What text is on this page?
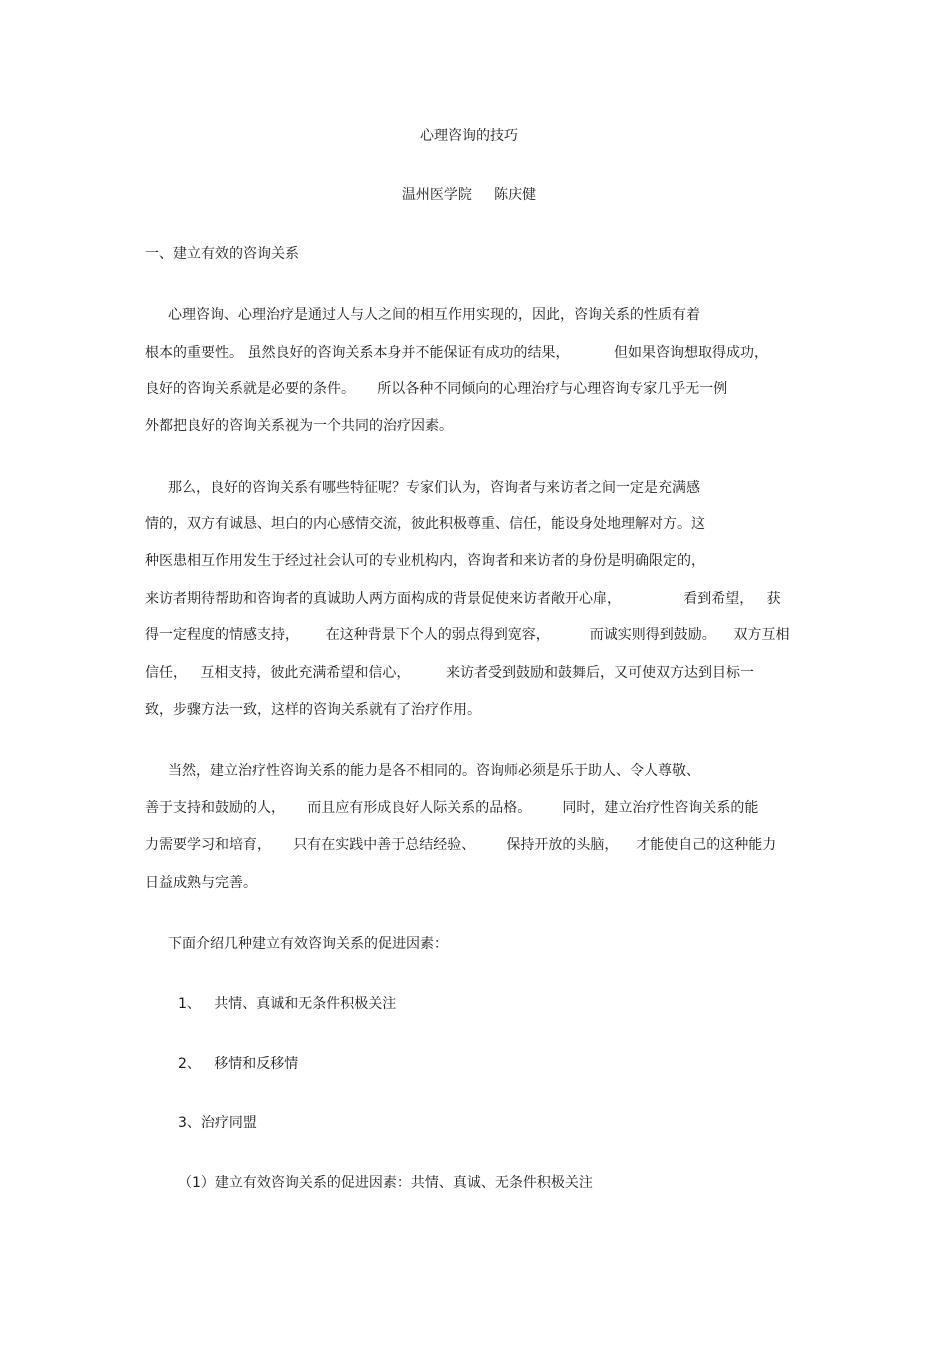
心理咨询的技巧
温州医学院     陈庆健
一、建立有效的咨询关系
心理咨询、心理治疗是通过人与人之间的相互作用实现的，因此，咨询关系的性质有着
根本的重要性。 虽然良好的咨询关系本身并不能保证有成功的结果，          但如果咨询想取得成功，
良好的咨询关系就是必要的条件。     所以各种不同倾向的心理治疗与心理咨询专家几乎无一例
外都把良好的咨询关系视为一个共同的治疗因素。
那么，良好的咨询关系有哪些特征呢？专家们认为，咨询者与来访者之间一定是充满感
情的，双方有诚恳、坦白的内心感情交流，彼此积极尊重、信任，能设身处地理解对方。这
种医患相互作用发生于经过社会认可的专业机构内，咨询者和来访者的身份是明确限定的，
来访者期待帮助和咨询者的真诚助人两方面构成的背景促使来访者敞开心扉，              看到希望，   获
得一定程度的情感支持，      在这种背景下个人的弱点得到宽容，         而诚实则得到鼓励。    双方互相
信任，   互相支持，彼此充满希望和信心，        来访者受到鼓励和鼓舞后，又可使双方达到目标一
致，步骤方法一致，这样的咨询关系就有了治疗作用。
当然，建立治疗性咨询关系的能力是各不相同的。咨询师必须是乐于助人、令人尊敬、
善于支持和鼓励的人，     而且应有形成良好人际关系的品格。       同时，建立治疗性咨询关系的能
力需要学习和培育，     只有在实践中善于总结经验、       保持开放的头脑，    才能使自己的这种能力
日益成熟与完善。
下面介绍几种建立有效咨询关系的促进因素：
1、   共情、真诚和无条件积极关注
2、   移情和反移情
3、治疗同盟
（1）建立有效咨询关系的促进因素：共情、真诚、无条件积极关注
